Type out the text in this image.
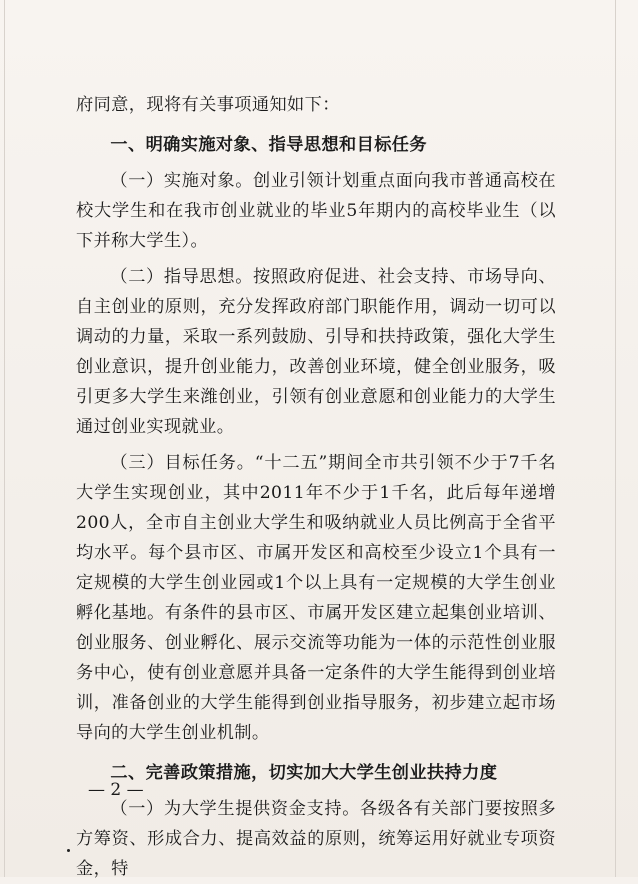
府同意，现将有关事项通知如下：

一、明确实施对象、指导思想和目标任务

（一）实施对象。创业引领计划重点面向我市普通高校在校大学生和在我市创业就业的毕业5年期内的高校毕业生（以下并称大学生）。

（二）指导思想。按照政府促进、社会支持、市场导向、自主创业的原则，充分发挥政府部门职能作用，调动一切可以调动的力量，采取一系列鼓励、引导和扶持政策，强化大学生创业意识，提升创业能力，改善创业环境，健全创业服务，吸引更多大学生来潍创业，引领有创业意愿和创业能力的大学生通过创业实现就业。

（三）目标任务。“十二五”期间全市共引领不少于7千名大学生实现创业，其中2011年不少于1千名，此后每年递增200人，全市自主创业大学生和吸纳就业人员比例高于全省平均水平。每个县市区、市属开发区和高校至少设立1个具有一定规模的大学生创业园或1个以上具有一定规模的大学生创业孵化基地。有条件的县市区、市属开发区建立起集创业培训、创业服务、创业孵化、展示交流等功能为一体的示范性创业服务中心，使有创业意愿并具备一定条件的大学生能得到创业培训，准备创业的大学生能得到创业指导服务，初步建立起市场导向的大学生创业机制。

二、完善政策措施，切实加大大学生创业扶持力度

（一）为大学生提供资金支持。各级各有关部门要按照多方筹资、形成合力、提高效益的原则，统筹运用好就业专项资金，特

— 2 —
